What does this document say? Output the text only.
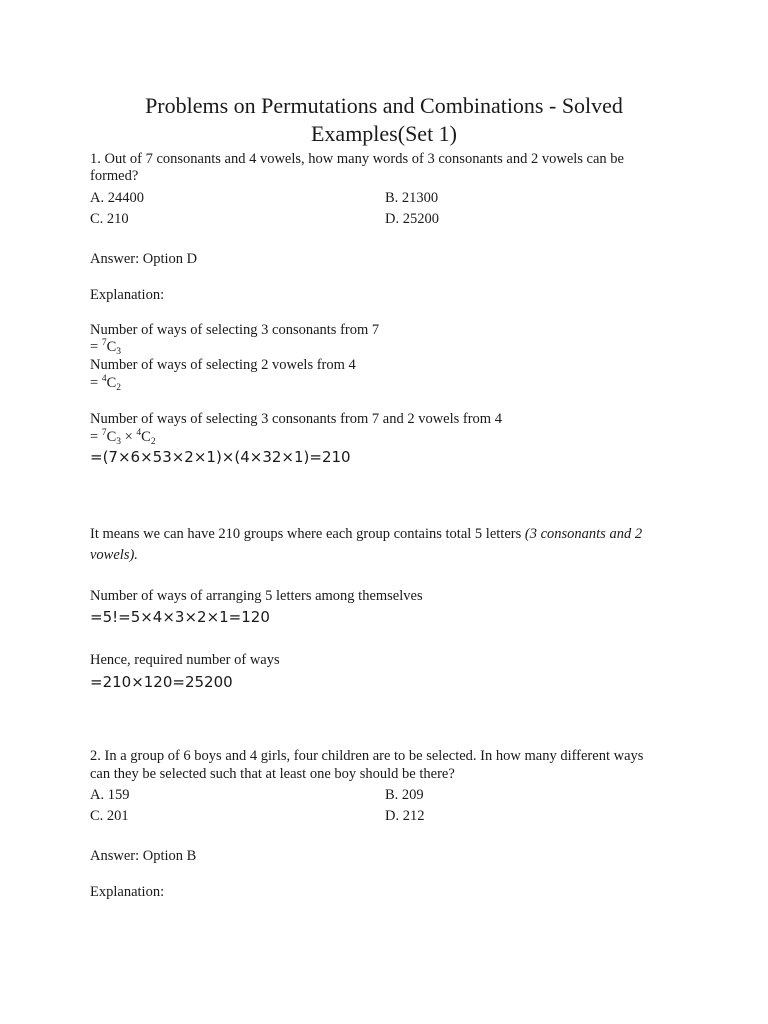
Problems on Permutations and Combinations - Solved
Examples(Set 1)
1. Out of 7 consonants and 4 vowels, how many words of 3 consonants and 2 vowels can be
formed?
A. 24400	B. 21300
C. 210	D. 25200
Answer: Option D
Explanation:
Number of ways of selecting 3 consonants from 7
= $^7C_3$
Number of ways of selecting 2 vowels from 4
= $^4C_2$
Number of ways of selecting 3 consonants from 7 and 2 vowels from 4
= $^7C_3 \times ^4C_2$
=(7×6×53×2×1)×(4×32×1)=210
It means we can have 210 groups where each group contains total 5 letters (3 consonants and 2
vowels).
Number of ways of arranging 5 letters among themselves
=5!=5×4×3×2×1=120
Hence, required number of ways
=210×120=25200
2. In a group of 6 boys and 4 girls, four children are to be selected. In how many different ways
can they be selected such that at least one boy should be there?
A. 159	B. 209
C. 201	D. 212
Answer: Option B
Explanation:
